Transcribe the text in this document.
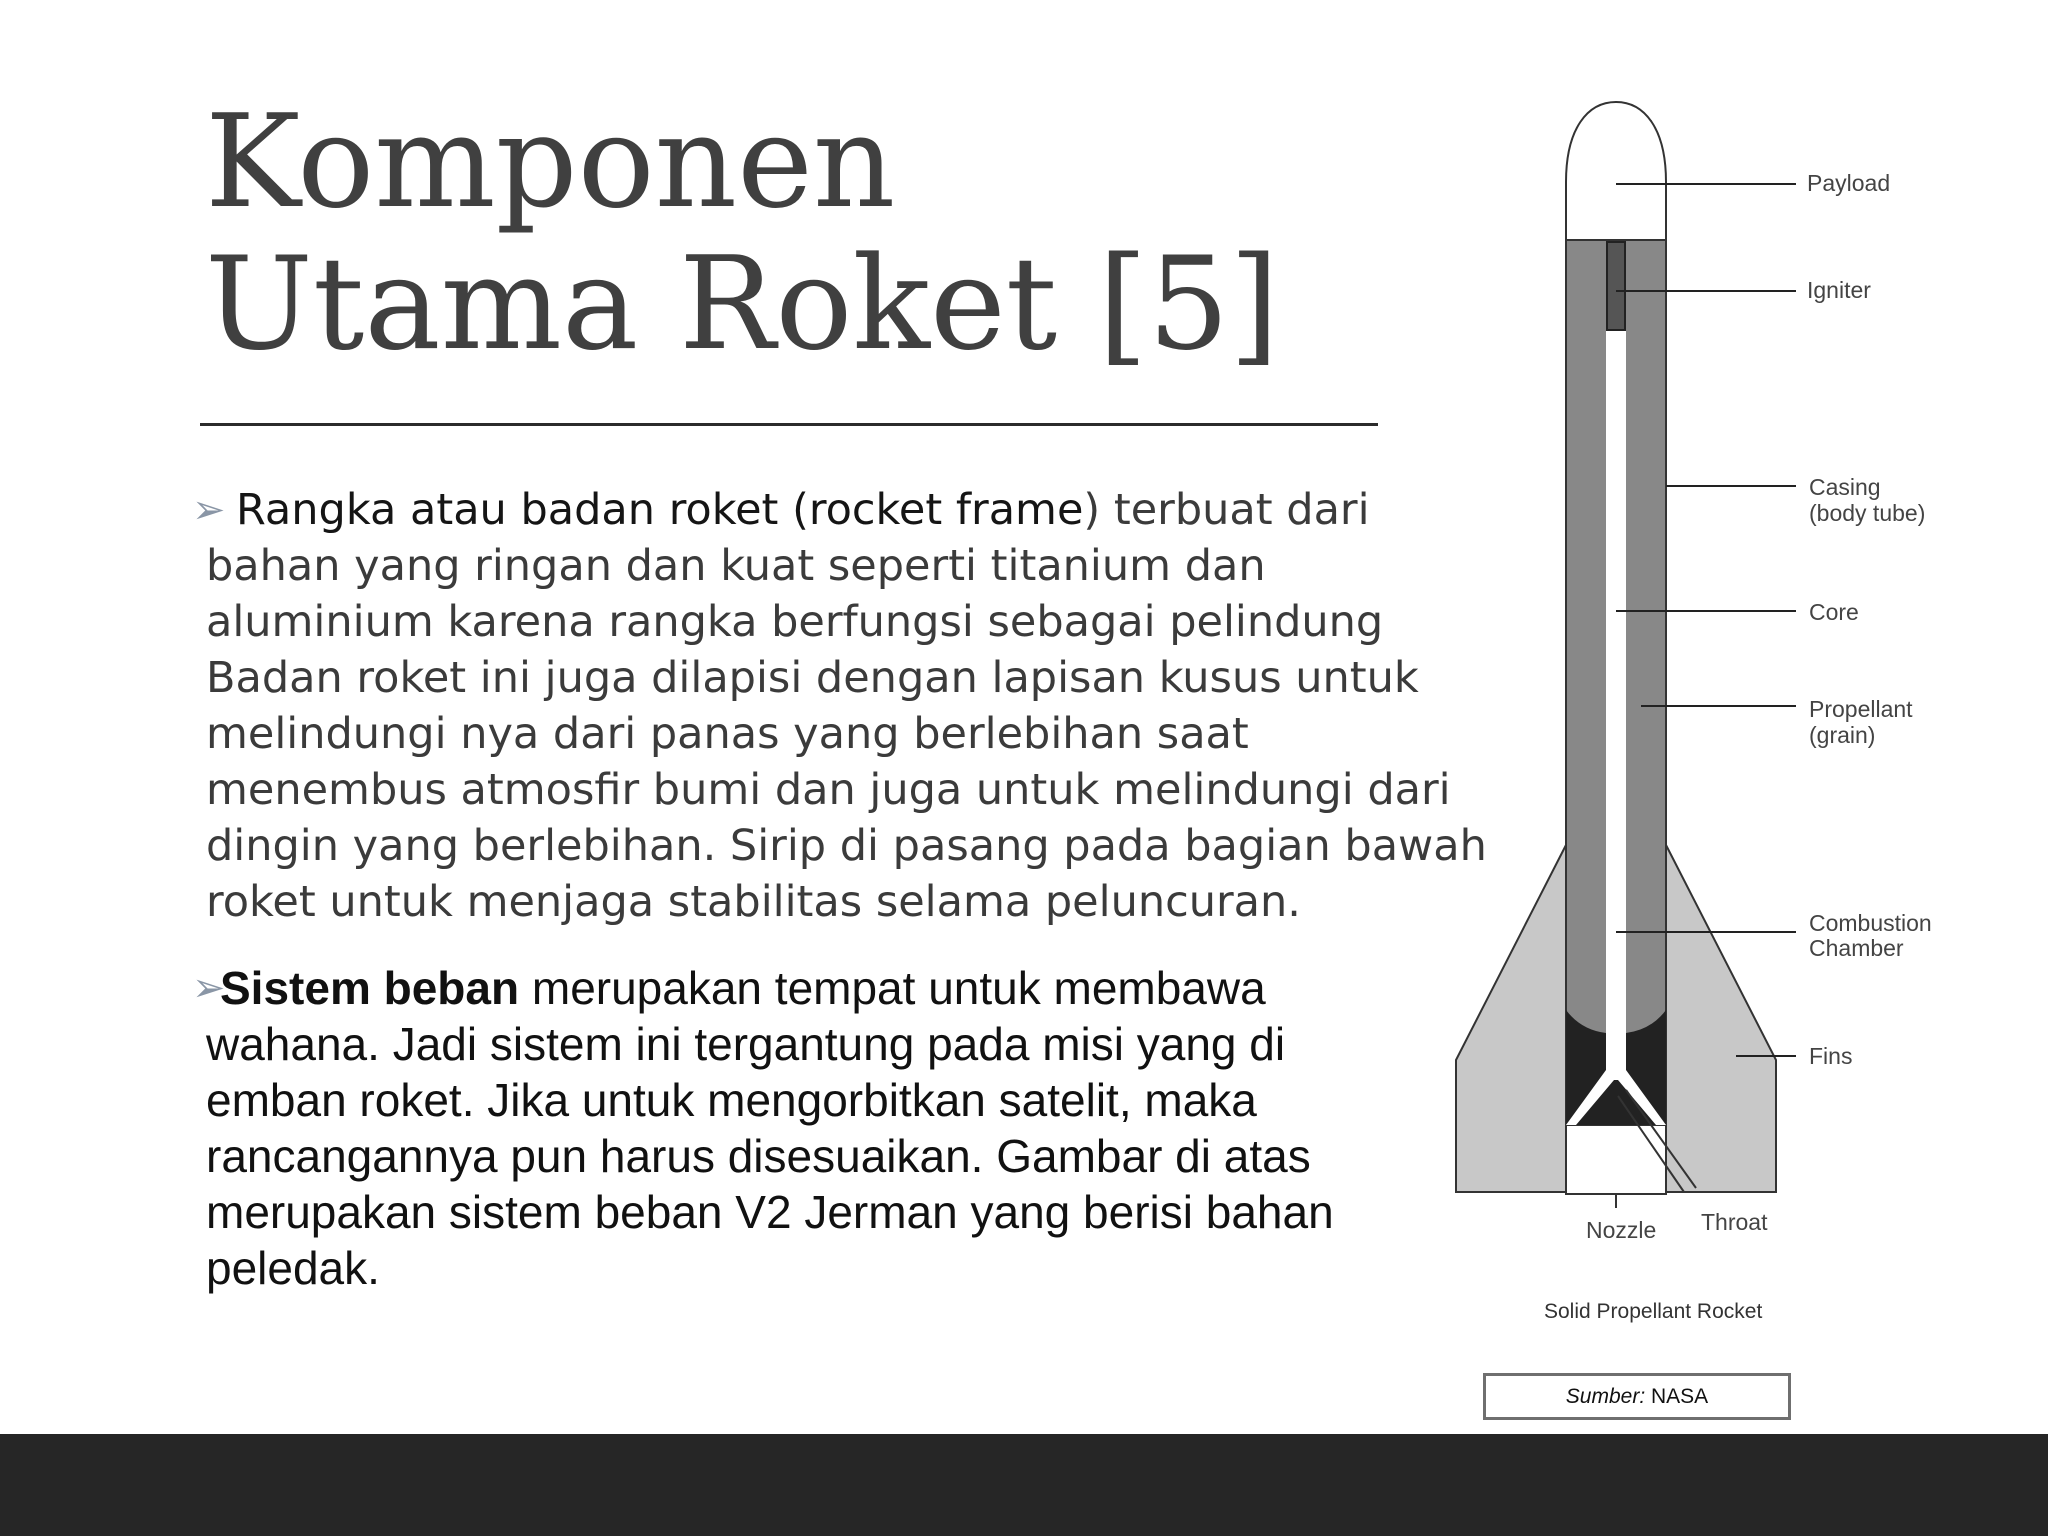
Komponen
Utama Roket [5]

➢ Rangka atau badan roket (rocket frame) terbuat dari
bahan yang ringan dan kuat seperti titanium dan
aluminium karena rangka berfungsi sebagai pelindung
Badan roket ini juga dilapisi dengan lapisan kusus untuk
melindungi nya dari panas yang berlebihan saat
menembus atmosfir bumi dan juga untuk melindungi dari
dingin yang berlebihan. Sirip di pasang pada bagian bawah
roket untuk menjaga stabilitas selama peluncuran.

➢
Sistem beban merupakan tempat untuk membawa
wahana. Jadi sistem ini tergantung pada misi yang di
emban roket. Jika untuk mengorbitkan satelit, maka
rancangannya pun harus disesuaikan. Gambar di atas
merupakan sistem beban V2 Jerman yang berisi bahan
peledak.

Payload
Igniter
Casing
(body tube)
Core
Propellant
(grain)
Combustion
Chamber
Fins
Nozzle Throat
Solid Propellant Rocket
Sumber: NASA
